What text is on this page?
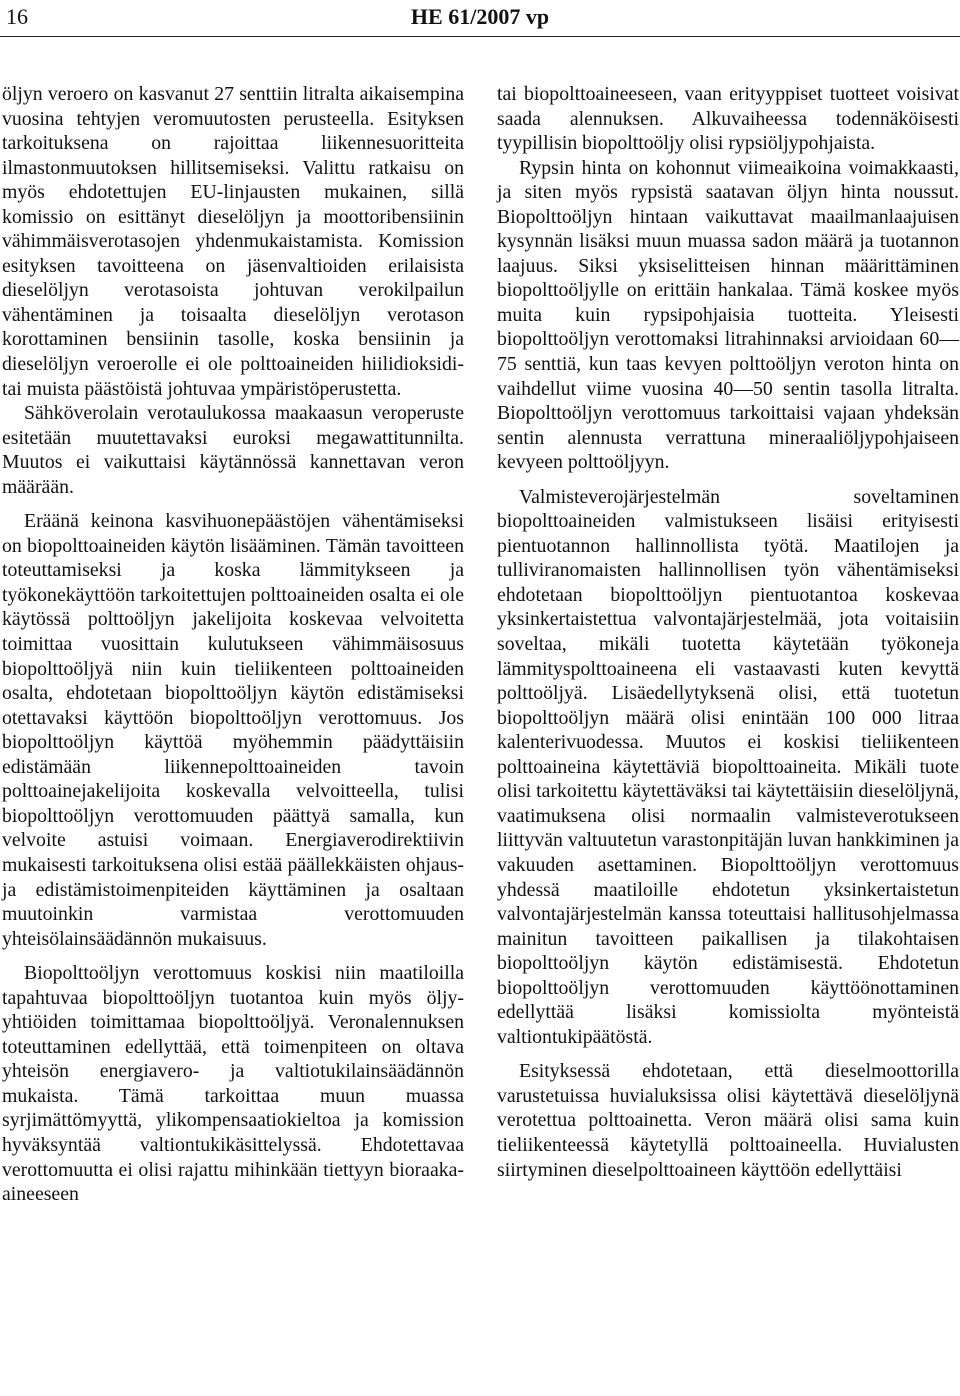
16	HE 61/2007 vp

öljyn veroero on kasvanut 27 senttiin litralta aikaisempina vuosina tehtyjen veromuutosten perusteella. Esityksen tarkoituksena on rajoittaa liikennesuoritteita ilmastonmuutoksen hillitsemiseksi. Valittu ratkaisu on myös ehdotettujen EU-linjausten mukainen, sillä komissio on esittänyt dieselöljyn ja moottoribensiinin vähimmäisverotasojen yhdenmukaistamista. Komission esityksen tavoitteena on jäsenvaltioiden erilaisista dieselöljyn verotasoista johtuvan verokilpailun vähentäminen ja toisaalta dieselöljyn verotason korottaminen bensiinin tasolle, koska bensiinin ja dieselöljyn veroerolle ei ole polttoaineiden hiilidioksidi- tai muista päästöistä johtuvaa ympäristöperustetta.

Sähköverolain verotaulukossa maakaasun veroperuste esitetään muutettavaksi euroksi megawattitunnilta. Muutos ei vaikuttaisi käytännössä kannettavan veron määrään.

Eräänä keinona kasvihuonepäästöjen vähentämiseksi on biopolttoaineiden käytön lisääminen. Tämän tavoitteen toteuttamiseksi ja koska lämmitykseen ja työkonekäyttöön tarkoitettujen polttoaineiden osalta ei ole käytössä polttoöljyn jakelijoita koskevaa velvoitetta toimittaa vuosittain kulutukseen vähimmäisosuus biopolttoöljyä niin kuin tieliikenteen polttoaineiden osalta, ehdotetaan biopolttoöljyn käytön edistämiseksi otettavaksi käyttöön biopolttoöljyn verottomuus. Jos biopolttoöljyn käyttöä myöhemmin päädyttäisiin edistämään liikennepolttoaineiden tavoin polttoainejakelijoita koskevalla velvoitteella, tulisi biopolttoöljyn verottomuuden päättyä samalla, kun velvoite astuisi voimaan. Energiaverodirektiivin mukaisesti tarkoituksena olisi estää päällekkäisten ohjaus- ja edistämistoimenpiteiden käyttäminen ja osaltaan muutoinkin varmistaa verottomuuden yhteisölainsäädännön mukaisuus.

Biopolttoöljyn verottomuus koskisi niin maatiloilla tapahtuvaa biopolttoöljyn tuotantoa kuin myös öljy-yhtiöiden toimittamaa biopolttoöljyä. Veronalennuksen toteuttaminen edellyttää, että toimenpiteen on oltava yhteisön energiavero- ja valtiotukilainsäädännön mukaista. Tämä tarkoittaa muun muassa syrjimättömyyttä, ylikompensaatiokieltoa ja komission hyväksyntää valtiontukikäsittelyssä. Ehdotettavaa verottomuutta ei olisi rajattu mihinkään tiettyyn bioraaka-aineeseen

tai biopolttoaineeseen, vaan erityyppiset tuotteet voisivat saada alennuksen. Alkuvaiheessa todennäköisesti tyypillisin biopolttoöljy olisi rypsiöljypohjaista.

Rypsin hinta on kohonnut viimeaikoina voimakkaasti, ja siten myös rypsistä saatavan öljyn hinta noussut. Biopolttoöljyn hintaan vaikuttavat maailmanlaajuisen kysynnän lisäksi muun muassa sadon määrä ja tuotannon laajuus. Siksi yksiselitteisen hinnan määrittäminen biopolttoöljylle on erittäin hankalaa. Tämä koskee myös muita kuin rypsipohjaisia tuotteita. Yleisesti biopolttoöljyn verottomaksi litrahinnaksi arvioidaan 60—75 senttiä, kun taas kevyen polttoöljyn veroton hinta on vaihdellut viime vuosina 40—50 sentin tasolla litralta. Biopolttoöljyn verottomuus tarkoittaisi vajaan yhdeksän sentin alennusta verrattuna mineraaliöljypohjaiseen kevyeen polttoöljyyn.

Valmisteverojärjestelmän soveltaminen biopolttoaineiden valmistukseen lisäisi erityisesti pientuotannon hallinnollista työtä. Maatilojen ja tulliviranomaisten hallinnollisen työn vähentämiseksi ehdotetaan biopolttoöljyn pientuotantoa koskevaa yksinkertaistettua valvontajärjestelmää, jota voitaisiin soveltaa, mikäli tuotetta käytetään työkoneja lämmityspolttoaineena eli vastaavasti kuten kevyttä polttoöljyä. Lisäedellytyksenä olisi, että tuotetun biopolttoöljyn määrä olisi enintään 100 000 litraa kalenterivuodessa. Muutos ei koskisi tieliikenteen polttoaineina käytettäviä biopolttoaineita. Mikäli tuote olisi tarkoitettu käytettäväksi tai käytettäisiin dieselöljynä, vaatimuksena olisi normaalin valmisteverotukseen liittyvän valtuutetun varastonpitäjän luvan hankkiminen ja vakuuden asettaminen. Biopolttoöljyn verottomuus yhdessä maatiloille ehdotetun yksinkertaistetun valvontajärjestelmän kanssa toteuttaisi hallitusohjelmassa mainitun tavoitteen paikallisen ja tilakohtaisen biopolttoöljyn käytön edistämisestä. Ehdotetun biopolttoöljyn verottomuuden käyttöönottaminen edellyttää lisäksi komissiolta myönteistä valtiontukipäätöstä.

Esityksessä ehdotetaan, että dieselmoottorilla varustetuissa huvialuksissa olisi käytettävä dieselöljynä verotettua polttoainetta. Veron määrä olisi sama kuin tieliikenteessä käytetyllä polttoaineella. Huvialusten siirtyminen dieselpolttoaineen käyttöön edellyttäisi
